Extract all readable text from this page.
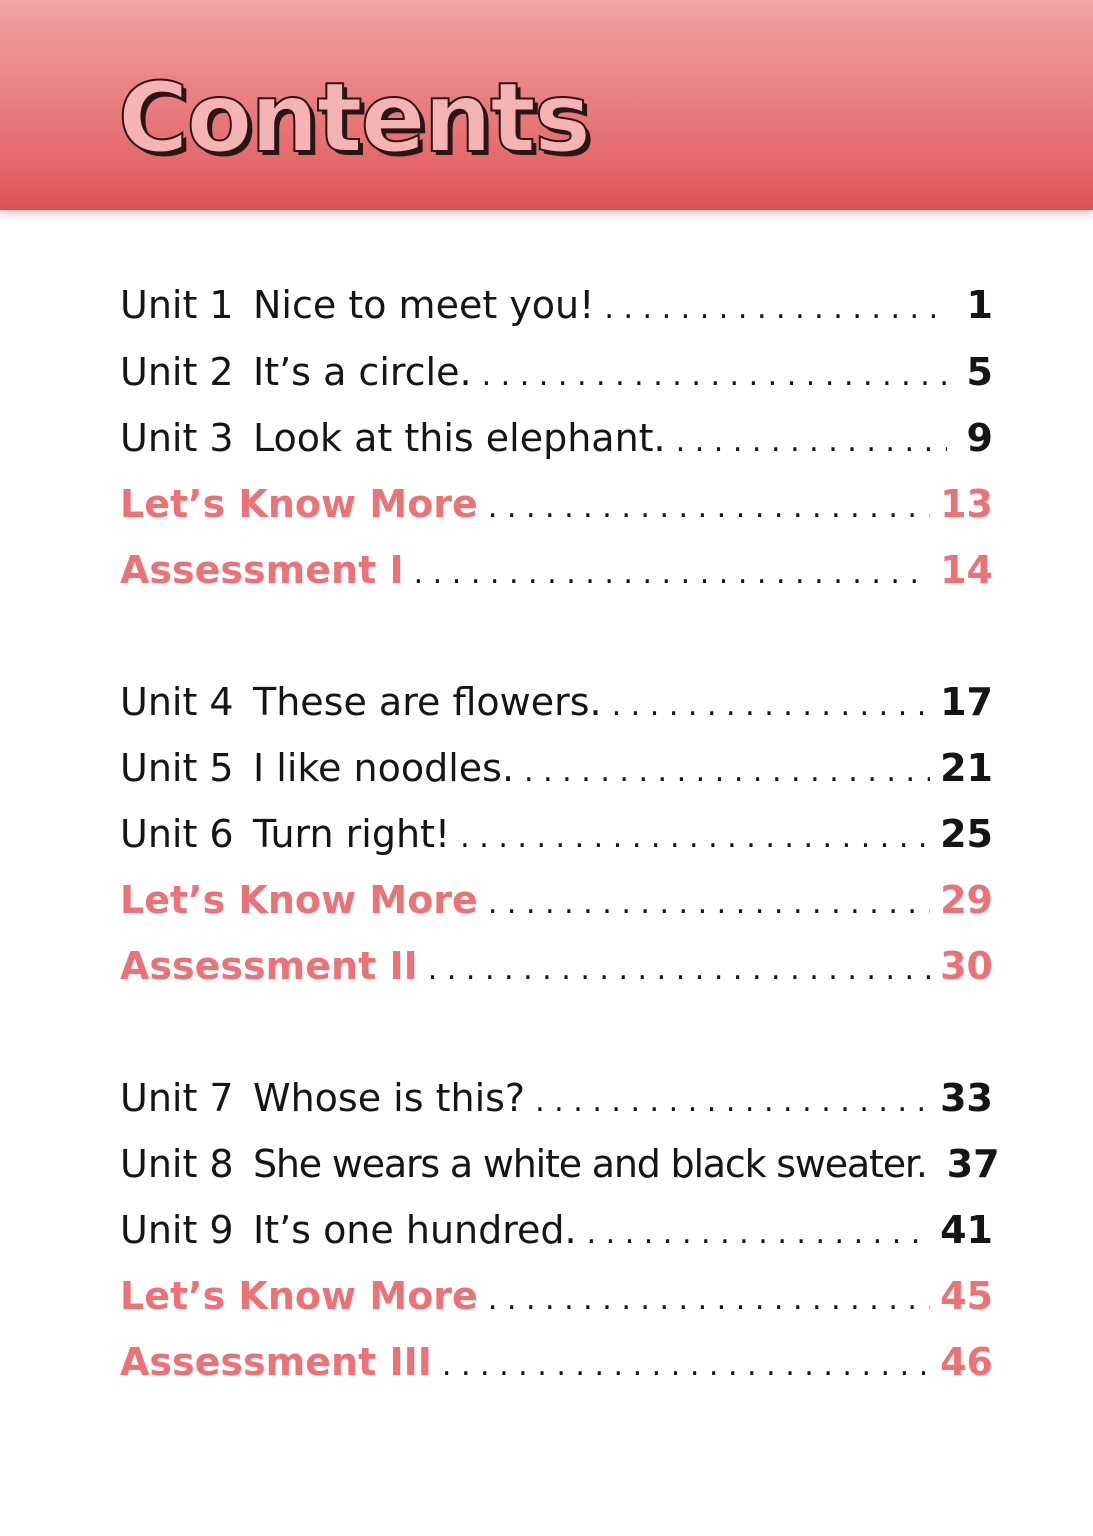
Contents
Unit 1 Nice to meet you! . . .	1
Unit 2 It’s a circle. . . .	5
Unit 3 Look at this elephant. . . .	9
Let’s Know More . . .	13
Assessment I . . .	14
Unit 4 These are flowers. . . .	17
Unit 5 I like noodles. . . .	21
Unit 6 Turn right! . . .	25
Let’s Know More . . .	29
Assessment II . . .	30
Unit 7 Whose is this? . . .	33
Unit 8 She wears a white and black sweater. 37
Unit 9 It’s one hundred. . . .	41
Let’s Know More . . .	45
Assessment III . . .	46
